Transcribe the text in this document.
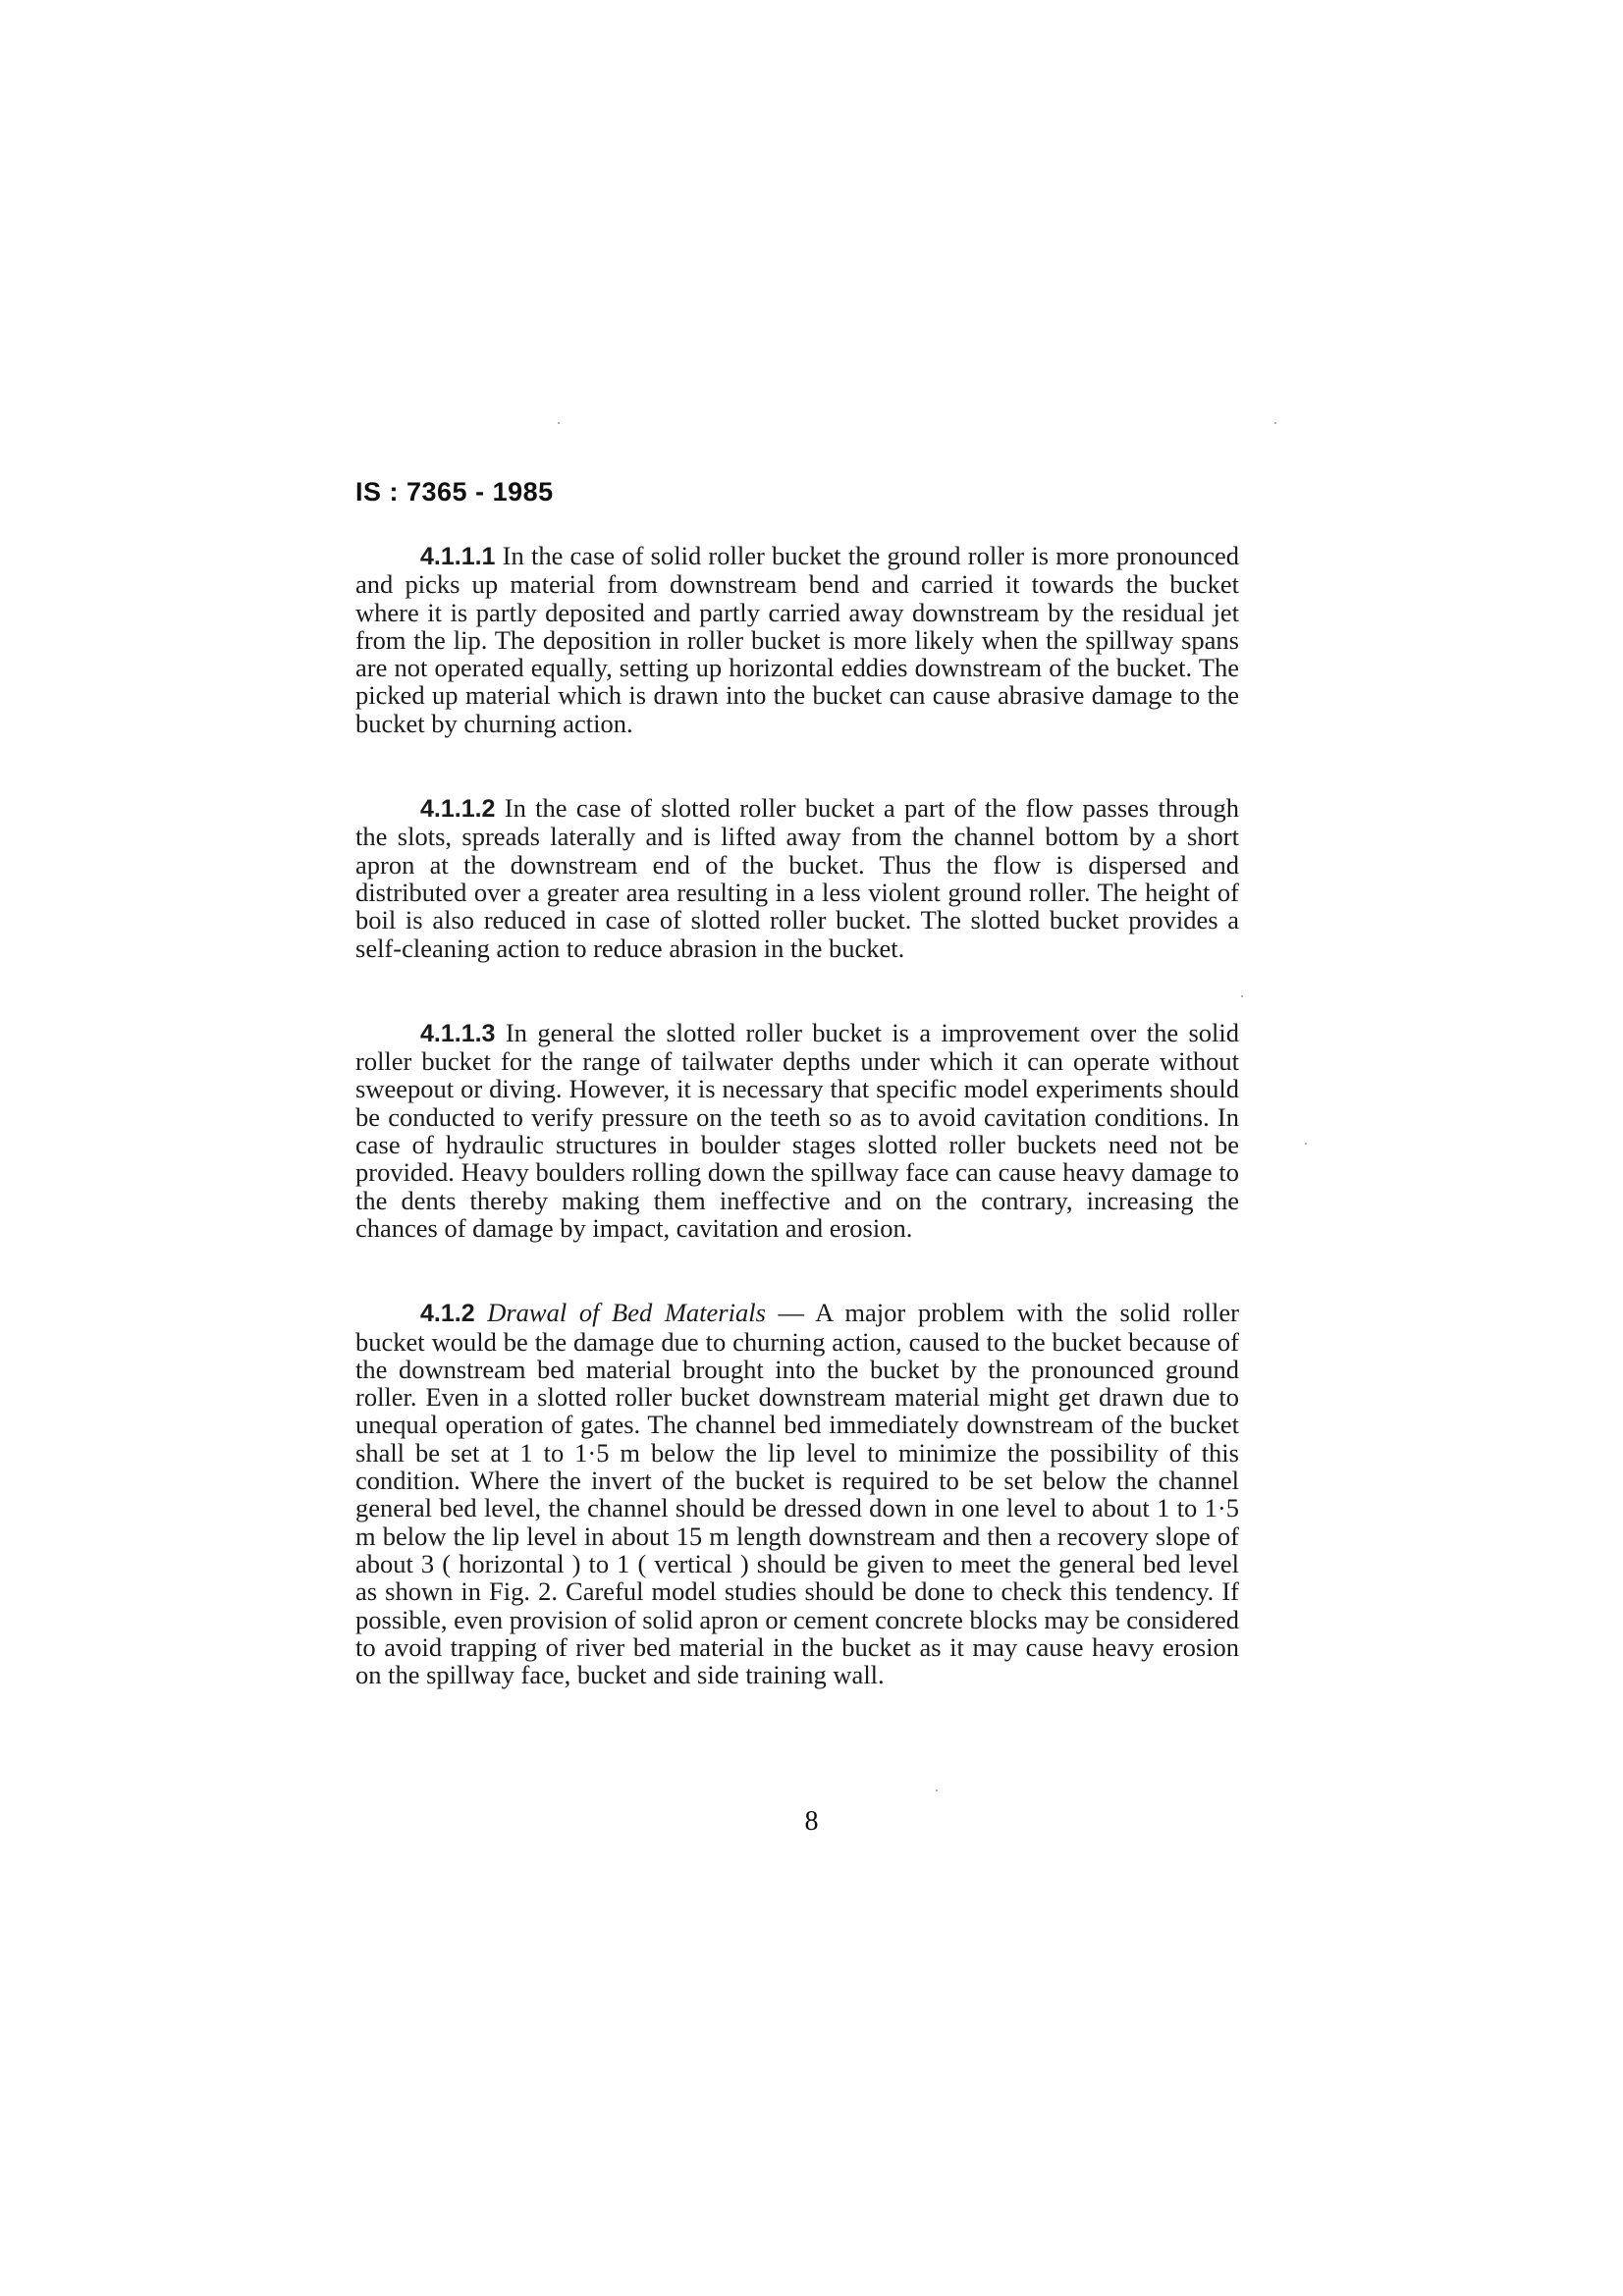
IS : 7365 - 1985

4.1.1.1 In the case of solid roller bucket the ground roller is more pronounced and picks up material from downstream bend and carried it towards the bucket where it is partly deposited and partly carried away downstream by the residual jet from the lip. The deposition in roller bucket is more likely when the spillway spans are not operated equally, setting up horizontal eddies downstream of the bucket. The picked up material which is drawn into the bucket can cause abrasive damage to the bucket by churning action.

4.1.1.2 In the case of slotted roller bucket a part of the flow passes through the slots, spreads laterally and is lifted away from the channel bottom by a short apron at the downstream end of the bucket. Thus the flow is dispersed and distributed over a greater area resulting in a less violent ground roller. The height of boil is also reduced in case of slotted roller bucket. The slotted bucket provides a self-cleaning action to reduce abrasion in the bucket.

4.1.1.3 In general the slotted roller bucket is a improvement over the solid roller bucket for the range of tailwater depths under which it can operate without sweepout or diving. However, it is necessary that specific model experiments should be conducted to verify pressure on the teeth so as to avoid cavitation conditions. In case of hydraulic structures in boulder stages slotted roller buckets need not be provided. Heavy boulders rolling down the spillway face can cause heavy damage to the dents thereby making them ineffective and on the contrary, increasing the chances of damage by impact, cavitation and erosion.

4.1.2 Drawal of Bed Materials — A major problem with the solid roller bucket would be the damage due to churning action, caused to the bucket because of the downstream bed material brought into the bucket by the pronounced ground roller. Even in a slotted roller bucket downstream material might get drawn due to unequal operation of gates. The channel bed immediately downstream of the bucket shall be set at 1 to 1·5 m below the lip level to minimize the possibility of this condition. Where the invert of the bucket is required to be set below the channel general bed level, the channel should be dressed down in one level to about 1 to 1·5 m below the lip level in about 15 m length downstream and then a recovery slope of about 3 ( horizontal ) to 1 ( vertical ) should be given to meet the general bed level as shown in Fig. 2. Careful model studies should be done to check this tendency. If possible, even provision of solid apron or cement concrete blocks may be considered to avoid trapping of river bed material in the bucket as it may cause heavy erosion on the spillway face, bucket and side training wall.

8
